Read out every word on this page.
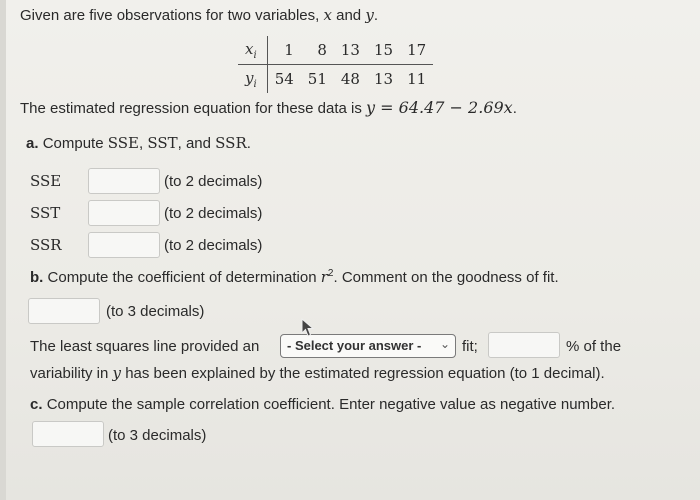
Given are five observations for two variables, x and y.
$x_i$	1	8	13	15	17
$y_i$	54	51	48	13	11
The estimated regression equation for these data is y = 64.47 − 2.69x.
a. Compute SSE, SST, and SSR.
SSE	(to 2 decimals)
SST	(to 2 decimals)
SSR	(to 2 decimals)
b. Compute the coefficient of determination $r^2$. Comment on the goodness of fit.
(to 3 decimals)
The least squares line provided an	- Select your answer - ⌄ fit;	% of the
variability in y has been explained by the estimated regression equation (to 1 decimal).
c. Compute the sample correlation coefficient. Enter negative value as negative number.
(to 3 decimals)
